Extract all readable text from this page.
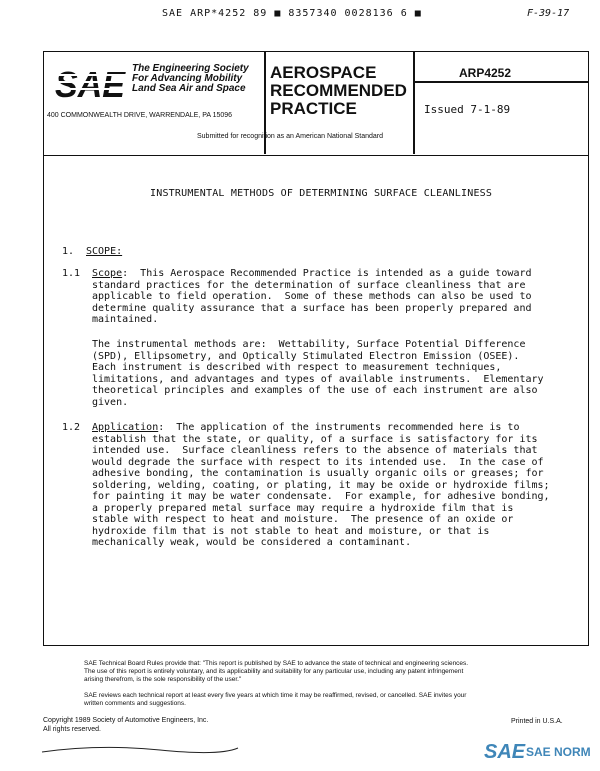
SAE ARP*4252 89 ■ 8357340 0028136 6 ■	F-39-17
The Engineering Society
For Advancing Mobility
Land Sea Air and Space
400 COMMONWEALTH DRIVE, WARRENDALE, PA 15096
AEROSPACE
RECOMMENDED
PRACTICE
ARP4252
Issued 7-1-89
Submitted for recognition as an American National Standard
INSTRUMENTAL METHODS OF DETERMINING SURFACE CLEANLINESS
1. SCOPE:
1.1 Scope:  This Aerospace Recommended Practice is intended as a guide toward
standard practices for the determination of surface cleanliness that are
applicable to field operation.  Some of these methods can also be used to
determine quality assurance that a surface has been properly prepared and
maintained.
The instrumental methods are:  Wettability, Surface Potential Difference
(SPD), Ellipsometry, and Optically Stimulated Electron Emission (OSEE).
Each instrument is described with respect to measurement techniques,
limitations, and advantages and types of available instruments.  Elementary
theoretical principles and examples of the use of each instrument are also
given.
1.2 Application:  The application of the instruments recommended here is to
establish that the state, or quality, of a surface is satisfactory for its
intended use.  Surface cleanliness refers to the absence of materials that
would degrade the surface with respect to its intended use.  In the case of
adhesive bonding, the contamination is usually organic oils or greases; for
soldering, welding, coating, or plating, it may be oxide or hydroxide films;
for painting it may be water condensate.  For example, for adhesive bonding,
a properly prepared metal surface may require a hydroxide film that is
stable with respect to heat and moisture.  The presence of an oxide or
hydroxide film that is not stable to heat and moisture, or that is
mechanically weak, would be considered a contaminant.
SAE Technical Board Rules provide that: "This report is published by SAE to advance the state of technical and engineering sciences.
The use of this report is entirely voluntary, and its applicability and suitability for any particular use, including any patent infringement
arising therefrom, is the sole responsibility of the user."
SAE reviews each technical report at least every five years at which time it may be reaffirmed, revised, or cancelled. SAE invites your
written comments and suggestions.
Copyright 1989 Society of Automotive Engineers, Inc.
All rights reserved.
Printed in U.S.A.
SAE SAE NORM
